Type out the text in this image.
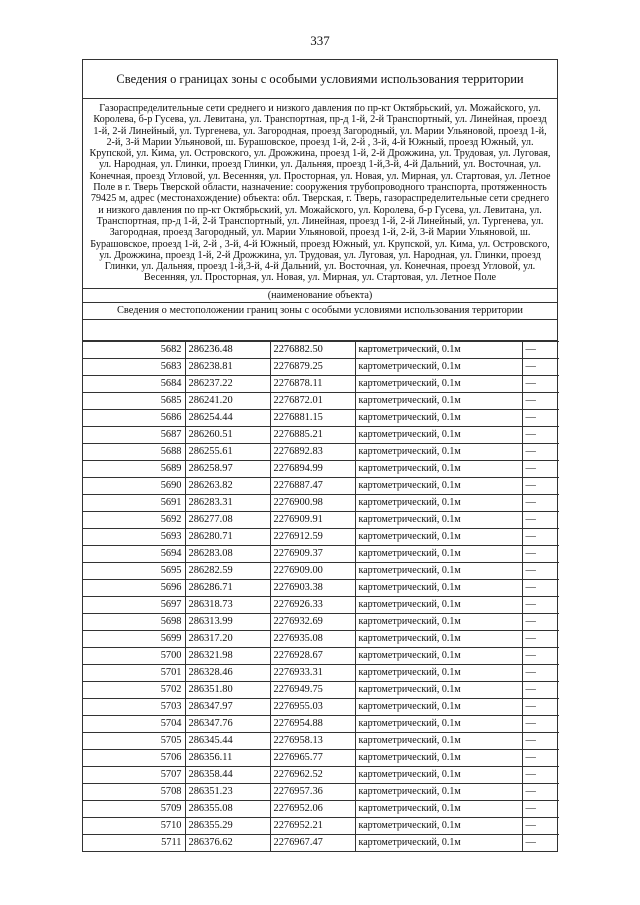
337
Сведения о границах зоны с особыми условиями использования территории
Газораспределительные сети среднего и низкого давления по пр-кт Октябрьский, ул. Можайского, ул. Королева, б-р Гусева, ул. Левитана, ул. Транспортная, пр-д 1-й, 2-й Транспортный, ул. Линейная, проезд 1-й, 2-й Линейный, ул. Тургенева, ул. Загородная, проезд Загородный, ул. Марии Ульяновой, проезд 1-й, 2-й, 3-й Марии Ульяновой, ш. Бурашовское, проезд 1-й, 2-й , 3-й, 4-й Южный, проезд Южный, ул. Крупской, ул. Кима, ул. Островского, ул. Дрожжина, проезд 1-й, 2-й Дрожжина, ул. Трудовая, ул. Луговая, ул. Народная, ул. Глинки, проезд Глинки, ул. Дальняя, проезд 1-й,3-й, 4-й Дальний, ул. Восточная, ул. Конечная, проезд Угловой, ул. Весенняя, ул. Просторная, ул. Новая, ул. Мирная, ул. Стартовая, ул. Летное Поле в г. Тверь Тверской области, назначение: сооружения трубопроводного транспорта, протяженность 79425 м, адрес (местонахождение) объекта: обл. Тверская, г. Тверь, газораспределительные сети среднего и низкого давления по пр-кт Октябрьский, ул. Можайского, ул. Королева, б-р Гусева, ул. Левитана, ул. Транспортная, пр-д 1-й, 2-й Транспортный, ул. Линейная, проезд 1-й, 2-й Линейный, ул. Тургенева, ул. Загородная, проезд Загородный, ул. Марии Ульяновой, проезд 1-й, 2-й, 3-й Марии Ульяновой, ш. Бурашовское, проезд 1-й, 2-й , 3-й, 4-й Южный, проезд Южный, ул. Крупской, ул. Кима, ул. Островского, ул. Дрожжина, проезд 1-й, 2-й Дрожжина, ул. Трудовая, ул. Луговая, ул. Народная, ул. Глинки, проезд Глинки, ул. Дальняя, проезд 1-й,3-й, 4-й Дальний, ул. Восточная, ул. Конечная, проезд Угловой, ул. Весенняя, ул. Просторная, ул. Новая, ул. Мирная, ул. Стартовая, ул. Летное Поле
(наименование объекта)
Сведения о местоположении границ зоны с особыми условиями использования территории
5682	286236.48	2276882.50	картометрический, 0.1м	—
5683	286238.81	2276879.25	картометрический, 0.1м	—
5684	286237.22	2276878.11	картометрический, 0.1м	—
5685	286241.20	2276872.01	картометрический, 0.1м	—
5686	286254.44	2276881.15	картометрический, 0.1м	—
5687	286260.51	2276885.21	картометрический, 0.1м	—
5688	286255.61	2276892.83	картометрический, 0.1м	—
5689	286258.97	2276894.99	картометрический, 0.1м	—
5690	286263.82	2276887.47	картометрический, 0.1м	—
5691	286283.31	2276900.98	картометрический, 0.1м	—
5692	286277.08	2276909.91	картометрический, 0.1м	—
5693	286280.71	2276912.59	картометрический, 0.1м	—
5694	286283.08	2276909.37	картометрический, 0.1м	—
5695	286282.59	2276909.00	картометрический, 0.1м	—
5696	286286.71	2276903.38	картометрический, 0.1м	—
5697	286318.73	2276926.33	картометрический, 0.1м	—
5698	286313.99	2276932.69	картометрический, 0.1м	—
5699	286317.20	2276935.08	картометрический, 0.1м	—
5700	286321.98	2276928.67	картометрический, 0.1м	—
5701	286328.46	2276933.31	картометрический, 0.1м	—
5702	286351.80	2276949.75	картометрический, 0.1м	—
5703	286347.97	2276955.03	картометрический, 0.1м	—
5704	286347.76	2276954.88	картометрический, 0.1м	—
5705	286345.44	2276958.13	картометрический, 0.1м	—
5706	286356.11	2276965.77	картометрический, 0.1м	—
5707	286358.44	2276962.52	картометрический, 0.1м	—
5708	286351.23	2276957.36	картометрический, 0.1м	—
5709	286355.08	2276952.06	картометрический, 0.1м	—
5710	286355.29	2276952.21	картометрический, 0.1м	—
5711	286376.62	2276967.47	картометрический, 0.1м	—
